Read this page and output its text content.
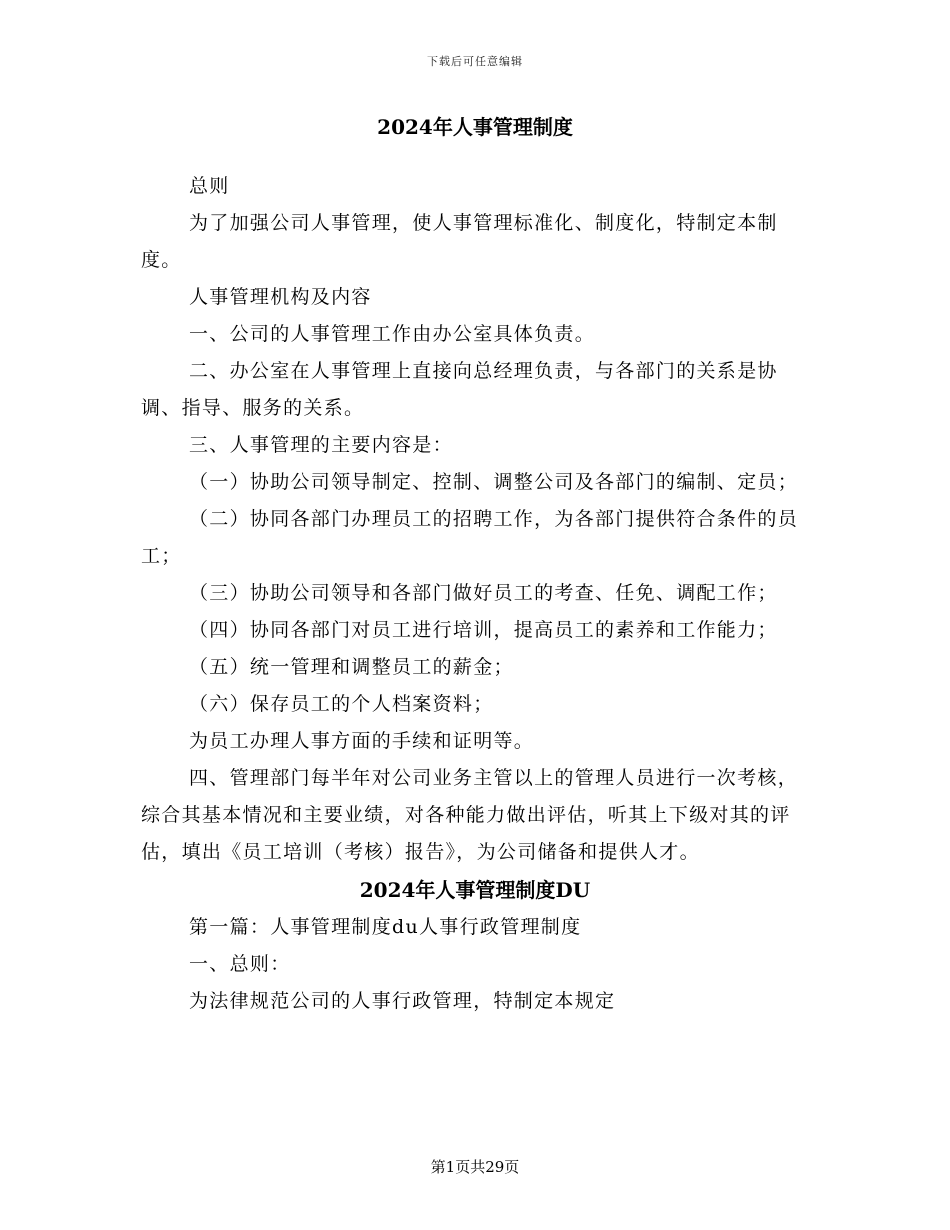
下载后可任意编辑
2024年人事管理制度

总则

为了加强公司人事管理，使人事管理标准化、制度化，特制定本制度。

人事管理机构及内容

一、公司的人事管理工作由办公室具体负责。

二、办公室在人事管理上直接向总经理负责，与各部门的关系是协调、指导、服务的关系。

三、人事管理的主要内容是：

（一）协助公司领导制定、控制、调整公司及各部门的编制、定员；

（二）协同各部门办理员工的招聘工作，为各部门提供符合条件的员工；

（三）协助公司领导和各部门做好员工的考查、任免、调配工作；

（四）协同各部门对员工进行培训，提高员工的素养和工作能力；

（五）统一管理和调整员工的薪金；

（六）保存员工的个人档案资料；

为员工办理人事方面的手续和证明等。

四、管理部门每半年对公司业务主管以上的管理人员进行一次考核，综合其基本情况和主要业绩，对各种能力做出评估，听其上下级对其的评估，填出《员工培训（考核）报告》，为公司储备和提供人才。

2024年人事管理制度DU

第一篇：人事管理制度du人事行政管理制度

一、总则：

为法律规范公司的人事行政管理，特制定本规定

第1页共29页
